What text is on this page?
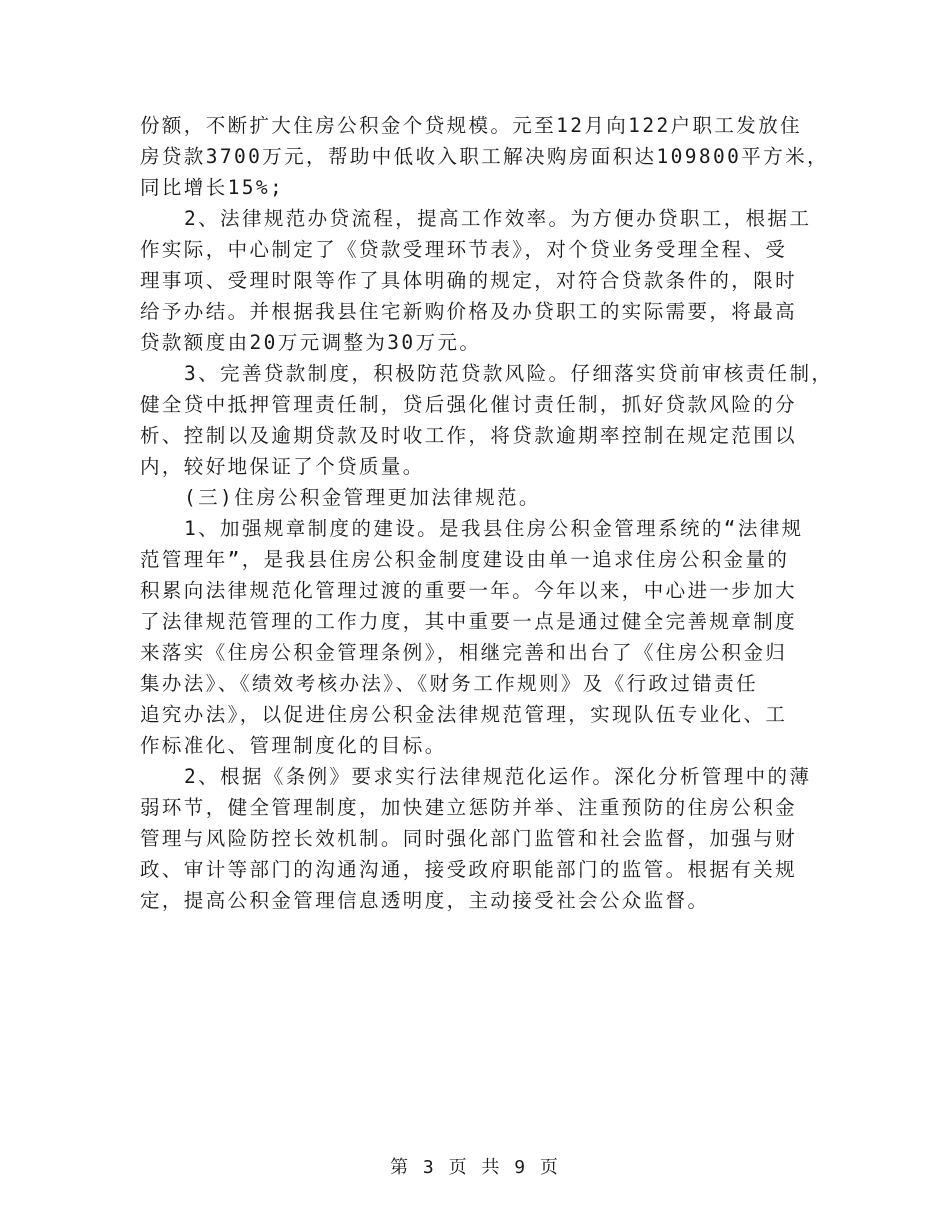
份额，不断扩大住房公积金个贷规模。元至12月向122户职工发放住
房贷款3700万元，帮助中低收入职工解决购房面积达109800平方米，
同比增长15%;
2、法律规范办贷流程，提高工作效率。为方便办贷职工，根据工
作实际，中心制定了《贷款受理环节表》，对个贷业务受理全程、受
理事项、受理时限等作了具体明确的规定，对符合贷款条件的，限时
给予办结。并根据我县住宅新购价格及办贷职工的实际需要，将最高
贷款额度由20万元调整为30万元。
3、完善贷款制度，积极防范贷款风险。仔细落实贷前审核责任制，
健全贷中抵押管理责任制，贷后强化催讨责任制，抓好贷款风险的分
析、控制以及逾期贷款及时收工作，将贷款逾期率控制在规定范围以
内，较好地保证了个贷质量。
(三)住房公积金管理更加法律规范。
1、加强规章制度的建设。是我县住房公积金管理系统的“法律规
范管理年”，是我县住房公积金制度建设由单一追求住房公积金量的
积累向法律规范化管理过渡的重要一年。今年以来，中心进一步加大
了法律规范管理的工作力度，其中重要一点是通过健全完善规章制度
来落实《住房公积金管理条例》，相继完善和出台了《住房公积金归
集办法》、《绩效考核办法》、《财务工作规则》及《行政过错责任
追究办法》，以促进住房公积金法律规范管理，实现队伍专业化、工
作标准化、管理制度化的目标。
2、根据《条例》要求实行法律规范化运作。深化分析管理中的薄
弱环节，健全管理制度，加快建立惩防并举、注重预防的住房公积金
管理与风险防控长效机制。同时强化部门监管和社会监督，加强与财
政、审计等部门的沟通沟通，接受政府职能部门的监管。根据有关规
定，提高公积金管理信息透明度，主动接受社会公众监督。
第 3 页 共 9 页
